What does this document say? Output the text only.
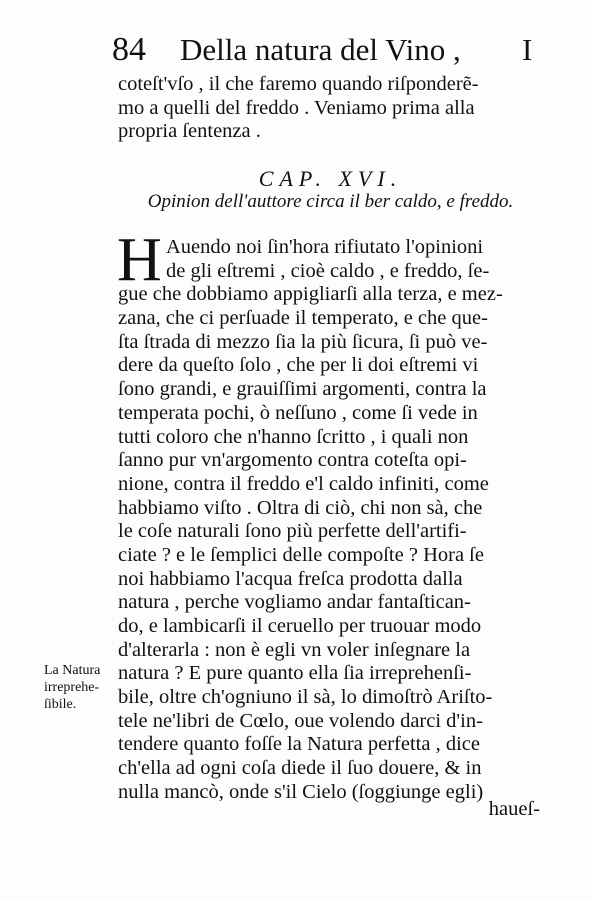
84 Della natura del Vino , I
coteſt'vſo , il che faremo quando riſponderẽ-
mo a quelli del freddo . Veniamo prima alla
propria ſentenza .
CAP. XVI.
Opinion dell'auttore circa il ber caldo, e freddo.
H Auendo noi ſin'hora rifiutato l'opinioni
de gli eſtremi , cioè caldo , e freddo, ſe-
gue che dobbiamo appigliarſi alla terza, e mez-
zana, che ci perſuade il temperato, e che que-
ſta ſtrada di mezzo ſia la più ſicura, ſi può ve-
dere da queſto ſolo , che per li doi eſtremi vi
ſono grandi, e grauiſſimi argomenti, contra la
temperata pochi, ò neſſuno , come ſi vede in
tutti coloro che n'hanno ſcritto , i quali non
ſanno pur vn'argomento contra coteſta opi-
nione, contra il freddo e'l caldo infiniti, come
habbiamo viſto . Oltra di ciò, chi non sà, che
le coſe naturali ſono più perfette dell'artifi-
ciate ? e le ſemplici delle compoſte ? Hora ſe
noi habbiamo l'acqua freſca prodotta dalla
natura , perche vogliamo andar fantaſtican-
do, e lambicarſi il ceruello per truouar modo
d'alterarla : non è egli vn voler inſegnare la
natura ? E pure quanto ella ſia irreprehenſi-
bile, oltre ch'ogniuno il sà, lo dimoſtrò Ariſto-
tele ne'libri de Cœlo, oue volendo darci d'in-
tendere quanto foſſe la Natura perfetta , dice
ch'ella ad ogni coſa diede il ſuo douere, & in
nulla mancò, onde s'il Cielo (ſoggiunge egli)
La Natura
irreprehe-
ſibile.
haueſ-
